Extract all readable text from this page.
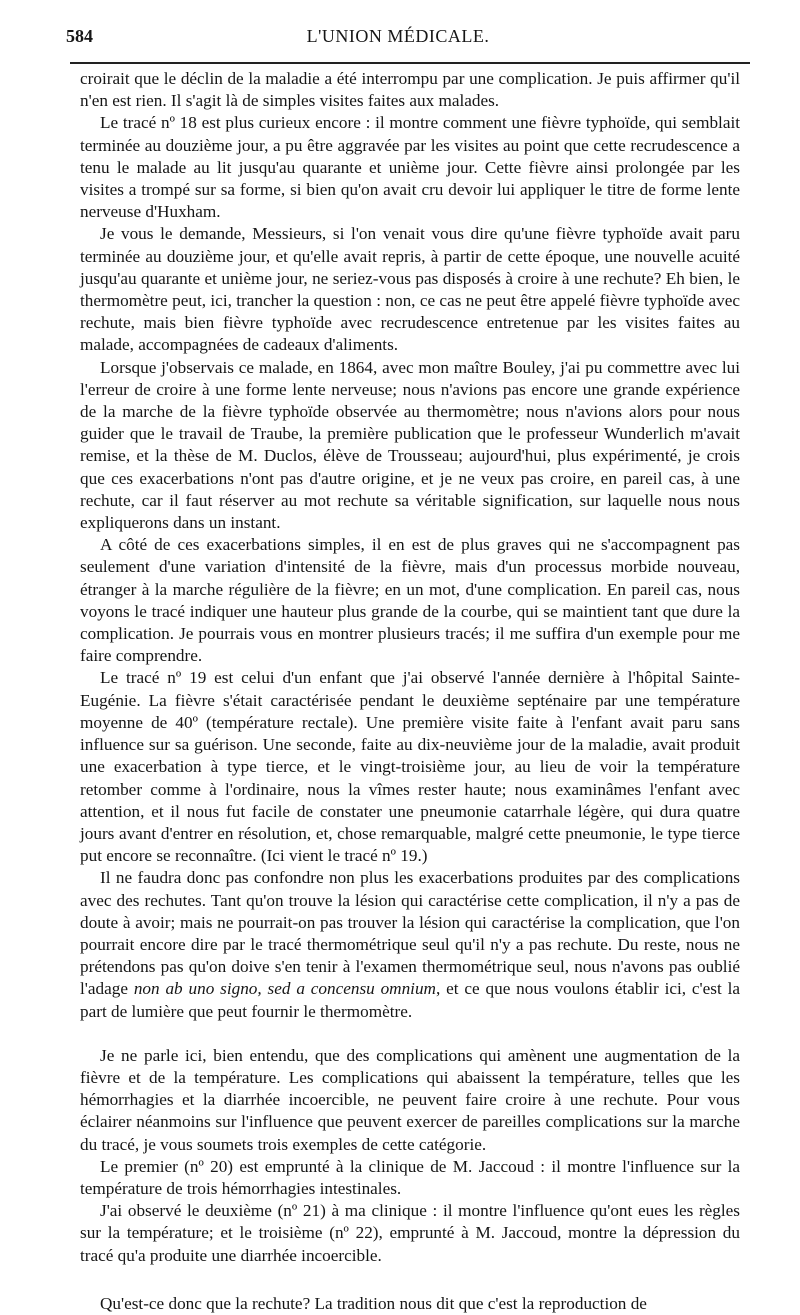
584	L'UNION MÉDICALE.

croirait que le déclin de la maladie a été interrompu par une complication. Je puis affirmer qu'il n'en est rien. Il s'agit là de simples visites faites aux malades.

Le tracé nº 18 est plus curieux encore : il montre comment une fièvre typhoïde, qui semblait terminée au douzième jour, a pu être aggravée par les visites au point que cette recrudescence a tenu le malade au lit jusqu'au quarante et unième jour. Cette fièvre ainsi prolongée par les visites a trompé sur sa forme, si bien qu'on avait cru devoir lui appliquer le titre de forme lente nerveuse d'Huxham.

Je vous le demande, Messieurs, si l'on venait vous dire qu'une fièvre typhoïde avait paru terminée au douzième jour, et qu'elle avait repris, à partir de cette époque, une nouvelle acuité jusqu'au quarante et unième jour, ne seriez-vous pas disposés à croire à une rechute? Eh bien, le thermomètre peut, ici, trancher la question : non, ce cas ne peut être appelé fièvre typhoïde avec rechute, mais bien fièvre typhoïde avec recrudescence entretenue par les visites faites au malade, accompagnées de cadeaux d'aliments.

Lorsque j'observais ce malade, en 1864, avec mon maître Bouley, j'ai pu commettre avec lui l'erreur de croire à une forme lente nerveuse; nous n'avions pas encore une grande expérience de la marche de la fièvre typhoïde observée au thermomètre; nous n'avions alors pour nous guider que le travail de Traube, la première publication que le professeur Wunderlich m'avait remise, et la thèse de M. Duclos, élève de Trousseau; aujourd'hui, plus expérimenté, je crois que ces exacerbations n'ont pas d'autre origine, et je ne veux pas croire, en pareil cas, à une rechute, car il faut réserver au mot rechute sa véritable signification, sur laquelle nous nous expliquerons dans un instant.

A côté de ces exacerbations simples, il en est de plus graves qui ne s'accompagnent pas seulement d'une variation d'intensité de la fièvre, mais d'un processus morbide nouveau, étranger à la marche régulière de la fièvre; en un mot, d'une complication. En pareil cas, nous voyons le tracé indiquer une hauteur plus grande de la courbe, qui se maintient tant que dure la complication. Je pourrais vous en montrer plusieurs tracés; il me suffira d'un exemple pour me faire comprendre.

Le tracé nº 19 est celui d'un enfant que j'ai observé l'année dernière à l'hôpital Sainte-Eugénie. La fièvre s'était caractérisée pendant le deuxième septénaire par une température moyenne de 40º (température rectale). Une première visite faite à l'enfant avait paru sans influence sur sa guérison. Une seconde, faite au dix-neuvième jour de la maladie, avait produit une exacerbation à type tierce, et le vingt-troisième jour, au lieu de voir la température retomber comme à l'ordinaire, nous la vîmes rester haute; nous examinâmes l'enfant avec attention, et il nous fut facile de constater une pneumonie catarrhale légère, qui dura quatre jours avant d'entrer en résolution, et, chose remarquable, malgré cette pneumonie, le type tierce put encore se reconnaître. (Ici vient le tracé nº 19.)

Il ne faudra donc pas confondre non plus les exacerbations produites par des complications avec des rechutes. Tant qu'on trouve la lésion qui caractérise cette complication, il n'y a pas de doute à avoir; mais ne pourrait-on pas trouver la lésion qui caractérise la complication, que l'on pourrait encore dire par le tracé thermométrique seul qu'il n'y a pas rechute. Du reste, nous ne prétendons pas qu'on doive s'en tenir à l'examen thermométrique seul, nous n'avons pas oublié l'adage non ab uno signo, sed a concensu omnium, et ce que nous voulons établir ici, c'est la part de lumière que peut fournir le thermomètre.

Je ne parle ici, bien entendu, que des complications qui amènent une augmentation de la fièvre et de la température. Les complications qui abaissent la température, telles que les hémorrhagies et la diarrhée incoercible, ne peuvent faire croire à une rechute. Pour vous éclairer néanmoins sur l'influence que peuvent exercer de pareilles complications sur la marche du tracé, je vous soumets trois exemples de cette catégorie.

Le premier (nº 20) est emprunté à la clinique de M. Jaccoud : il montre l'influence sur la température de trois hémorrhagies intestinales.

J'ai observé le deuxième (nº 21) à ma clinique : il montre l'influence qu'ont eues les règles sur la température; et le troisième (nº 22), emprunté à M. Jaccoud, montre la dépression du tracé qu'a produite une diarrhée incoercible.

Qu'est-ce donc que la rechute? La tradition nous dit que c'est la reproduction de
